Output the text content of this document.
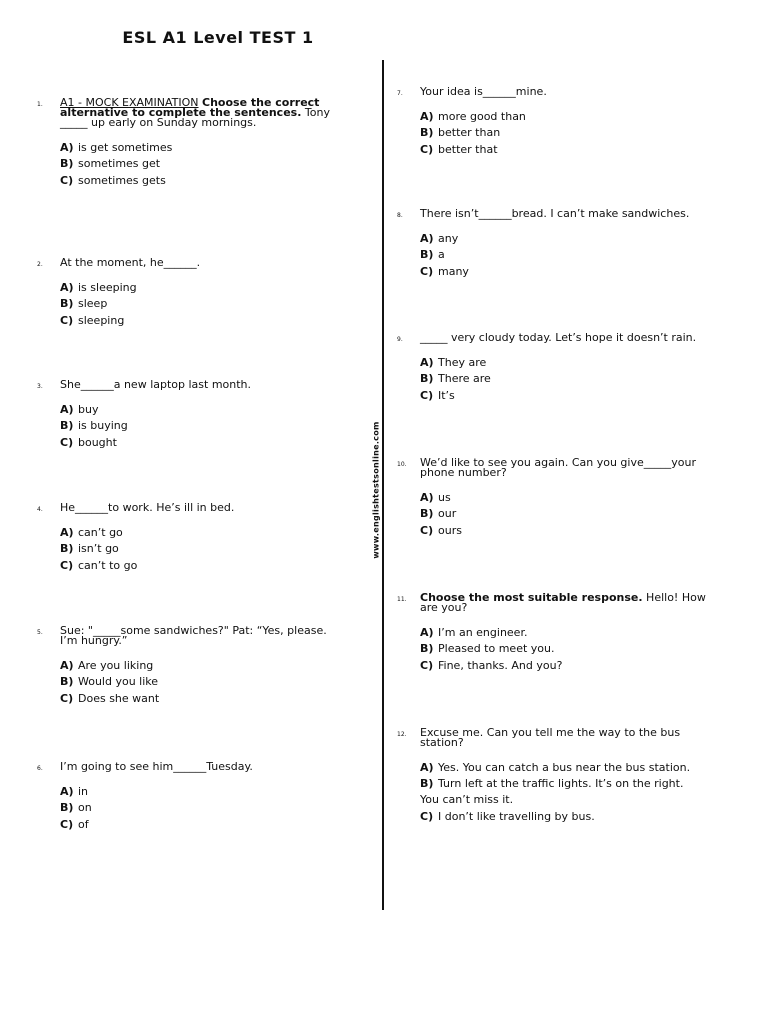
ESL A1 Level TEST 1
www.englishtestsonline.com
1. A1 - MOCK EXAMINATION Choose the correct alternative to complete the sentences. Tony _____ up early on Sunday mornings.
A) is get sometimes
B) sometimes get
C) sometimes gets
2. At the moment, he______.
A) is sleeping
B) sleep
C) sleeping
3. She______a new laptop last month.
A) buy
B) is buying
C) bought
4. He______to work. He’s ill in bed.
A) can’t go
B) isn’t go
C) can’t to go
5. Sue: "_____some sandwiches?" Pat: “Yes, please. I’m hungry.”
A) Are you liking
B) Would you like
C) Does she want
6. I’m going to see him______Tuesday.
A) in
B) on
C) of
7. Your idea is______mine.
A) more good than
B) better than
C) better that
8. There isn’t______bread. I can’t make sandwiches.
A) any
B) a
C) many
9. _____ very cloudy today. Let’s hope it doesn’t rain.
A) They are
B) There are
C) It’s
10. We’d like to see you again. Can you give_____your phone number?
A) us
B) our
C) ours
11. Choose the most suitable response. Hello! How are you?
A) I’m an engineer.
B) Pleased to meet you.
C) Fine, thanks. And you?
12. Excuse me. Can you tell me the way to the bus station?
A) Yes. You can catch a bus near the bus station.
B) Turn left at the traffic lights. It’s on the right.
You can’t miss it.
C) I don’t like travelling by bus.
